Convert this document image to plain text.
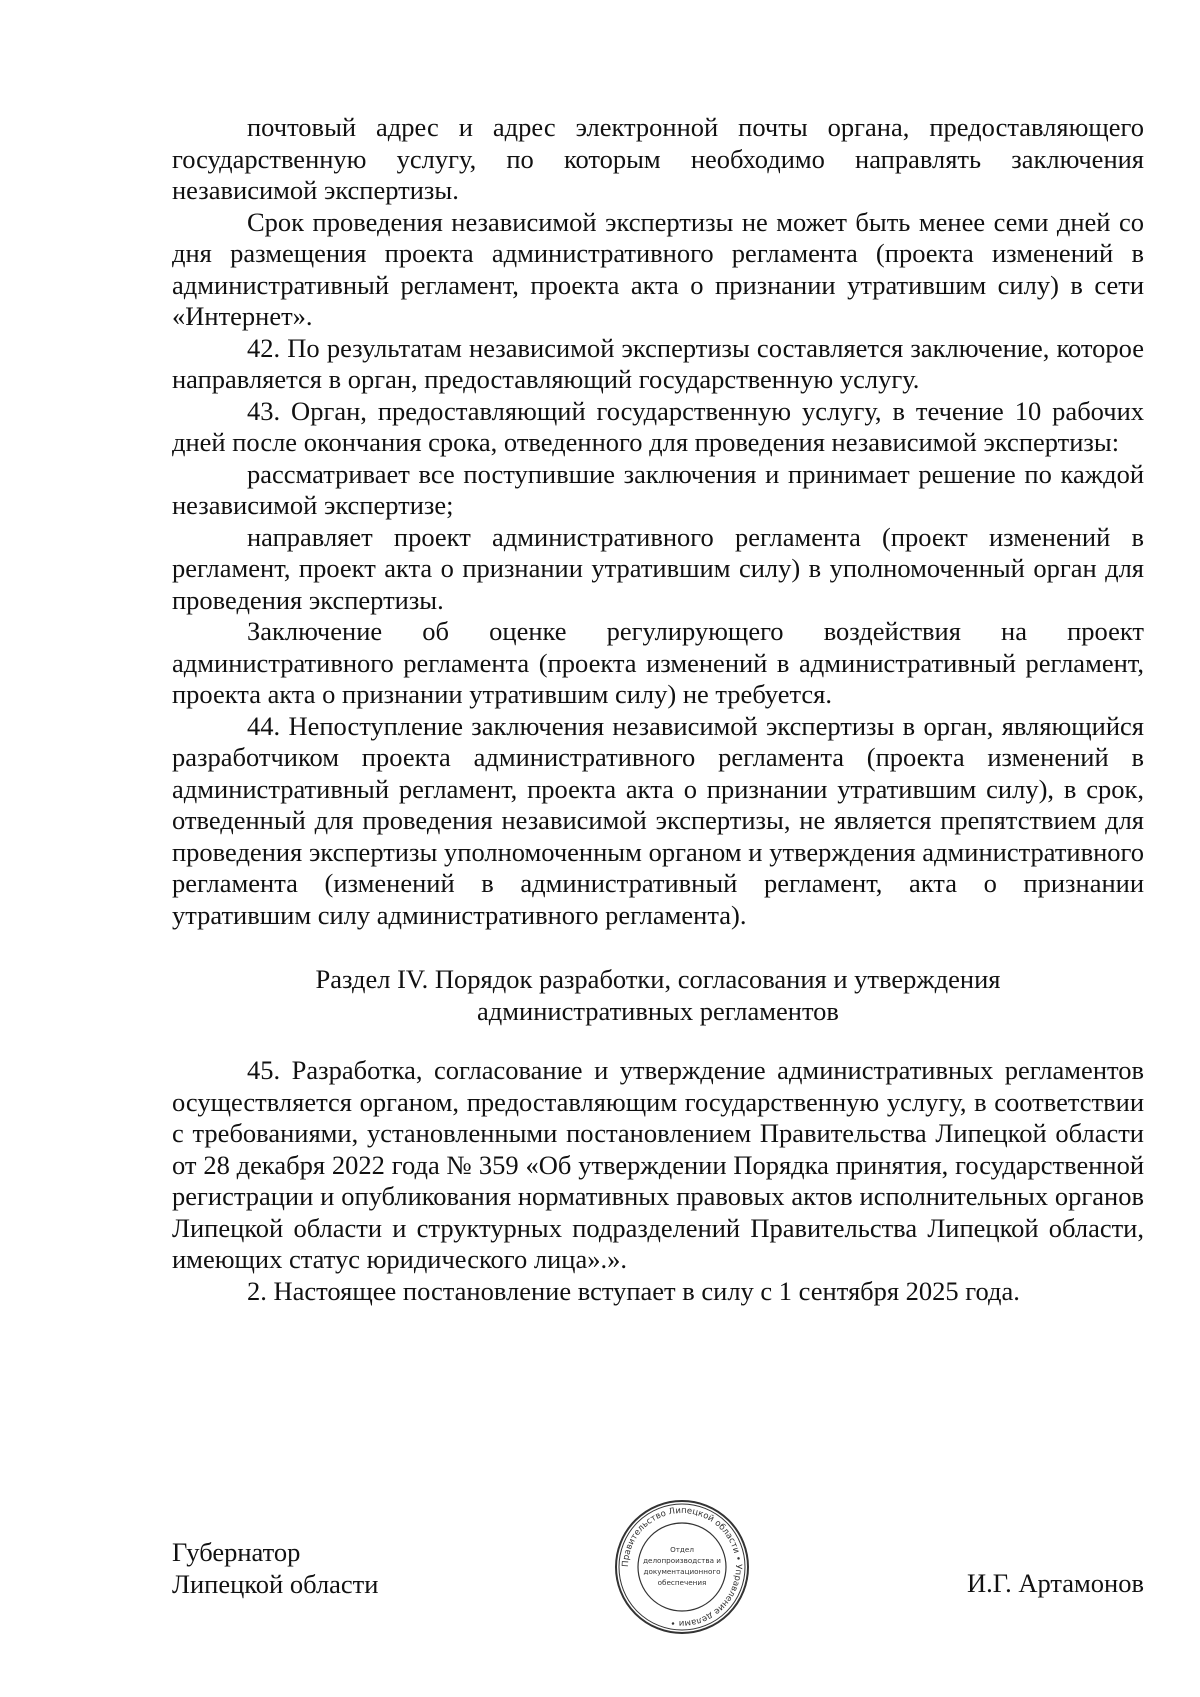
почтовый адрес и адрес электронной почты органа, предоставляющего государственную услугу, по которым необходимо направлять заключения независимой экспертизы.

Срок проведения независимой экспертизы не может быть менее семи дней со дня размещения проекта административного регламента (проекта изменений в административный регламент, проекта акта о признании утратившим силу) в сети «Интернет».

42. По результатам независимой экспертизы составляется заключение, которое направляется в орган, предоставляющий государственную услугу.

43. Орган, предоставляющий государственную услугу, в течение 10 рабочих дней после окончания срока, отведенного для проведения независимой экспертизы:

рассматривает все поступившие заключения и принимает решение по каждой независимой экспертизе;

направляет проект административного регламента (проект изменений в регламент, проект акта о признании утратившим силу) в уполномоченный орган для проведения экспертизы.

Заключение об оценке регулирующего воздействия на проект административного регламента (проекта изменений в административный регламент, проекта акта о признании утратившим силу) не требуется.

44. Непоступление заключения независимой экспертизы в орган, являющийся разработчиком проекта административного регламента (проекта изменений в административный регламент, проекта акта о признании утратившим силу), в срок, отведенный для проведения независимой экспертизы, не является препятствием для проведения экспертизы уполномоченным органом и утверждения административного регламента (изменений в административный регламент, акта о признании утратившим силу административного регламента).

Раздел IV. Порядок разработки, согласования и утверждения
административных регламентов

45. Разработка, согласование и утверждение административных регламентов осуществляется органом, предоставляющим государственную услугу, в соответствии с требованиями, установленными постановлением Правительства Липецкой области от 28 декабря 2022 года № 359 «Об утверждении Порядка принятия, государственной регистрации и опубликования нормативных правовых актов исполнительных органов Липецкой области и структурных подразделений Правительства Липецкой области, имеющих статус юридического лица».».

2. Настоящее постановление вступает в силу с 1 сентября 2025 года.

Правительство Липецкой области • Управление делами •
Отдел
делопроизводства и
документационного
обеспечения
Губернатор
Липецкой области	И.Г. Артамонов
